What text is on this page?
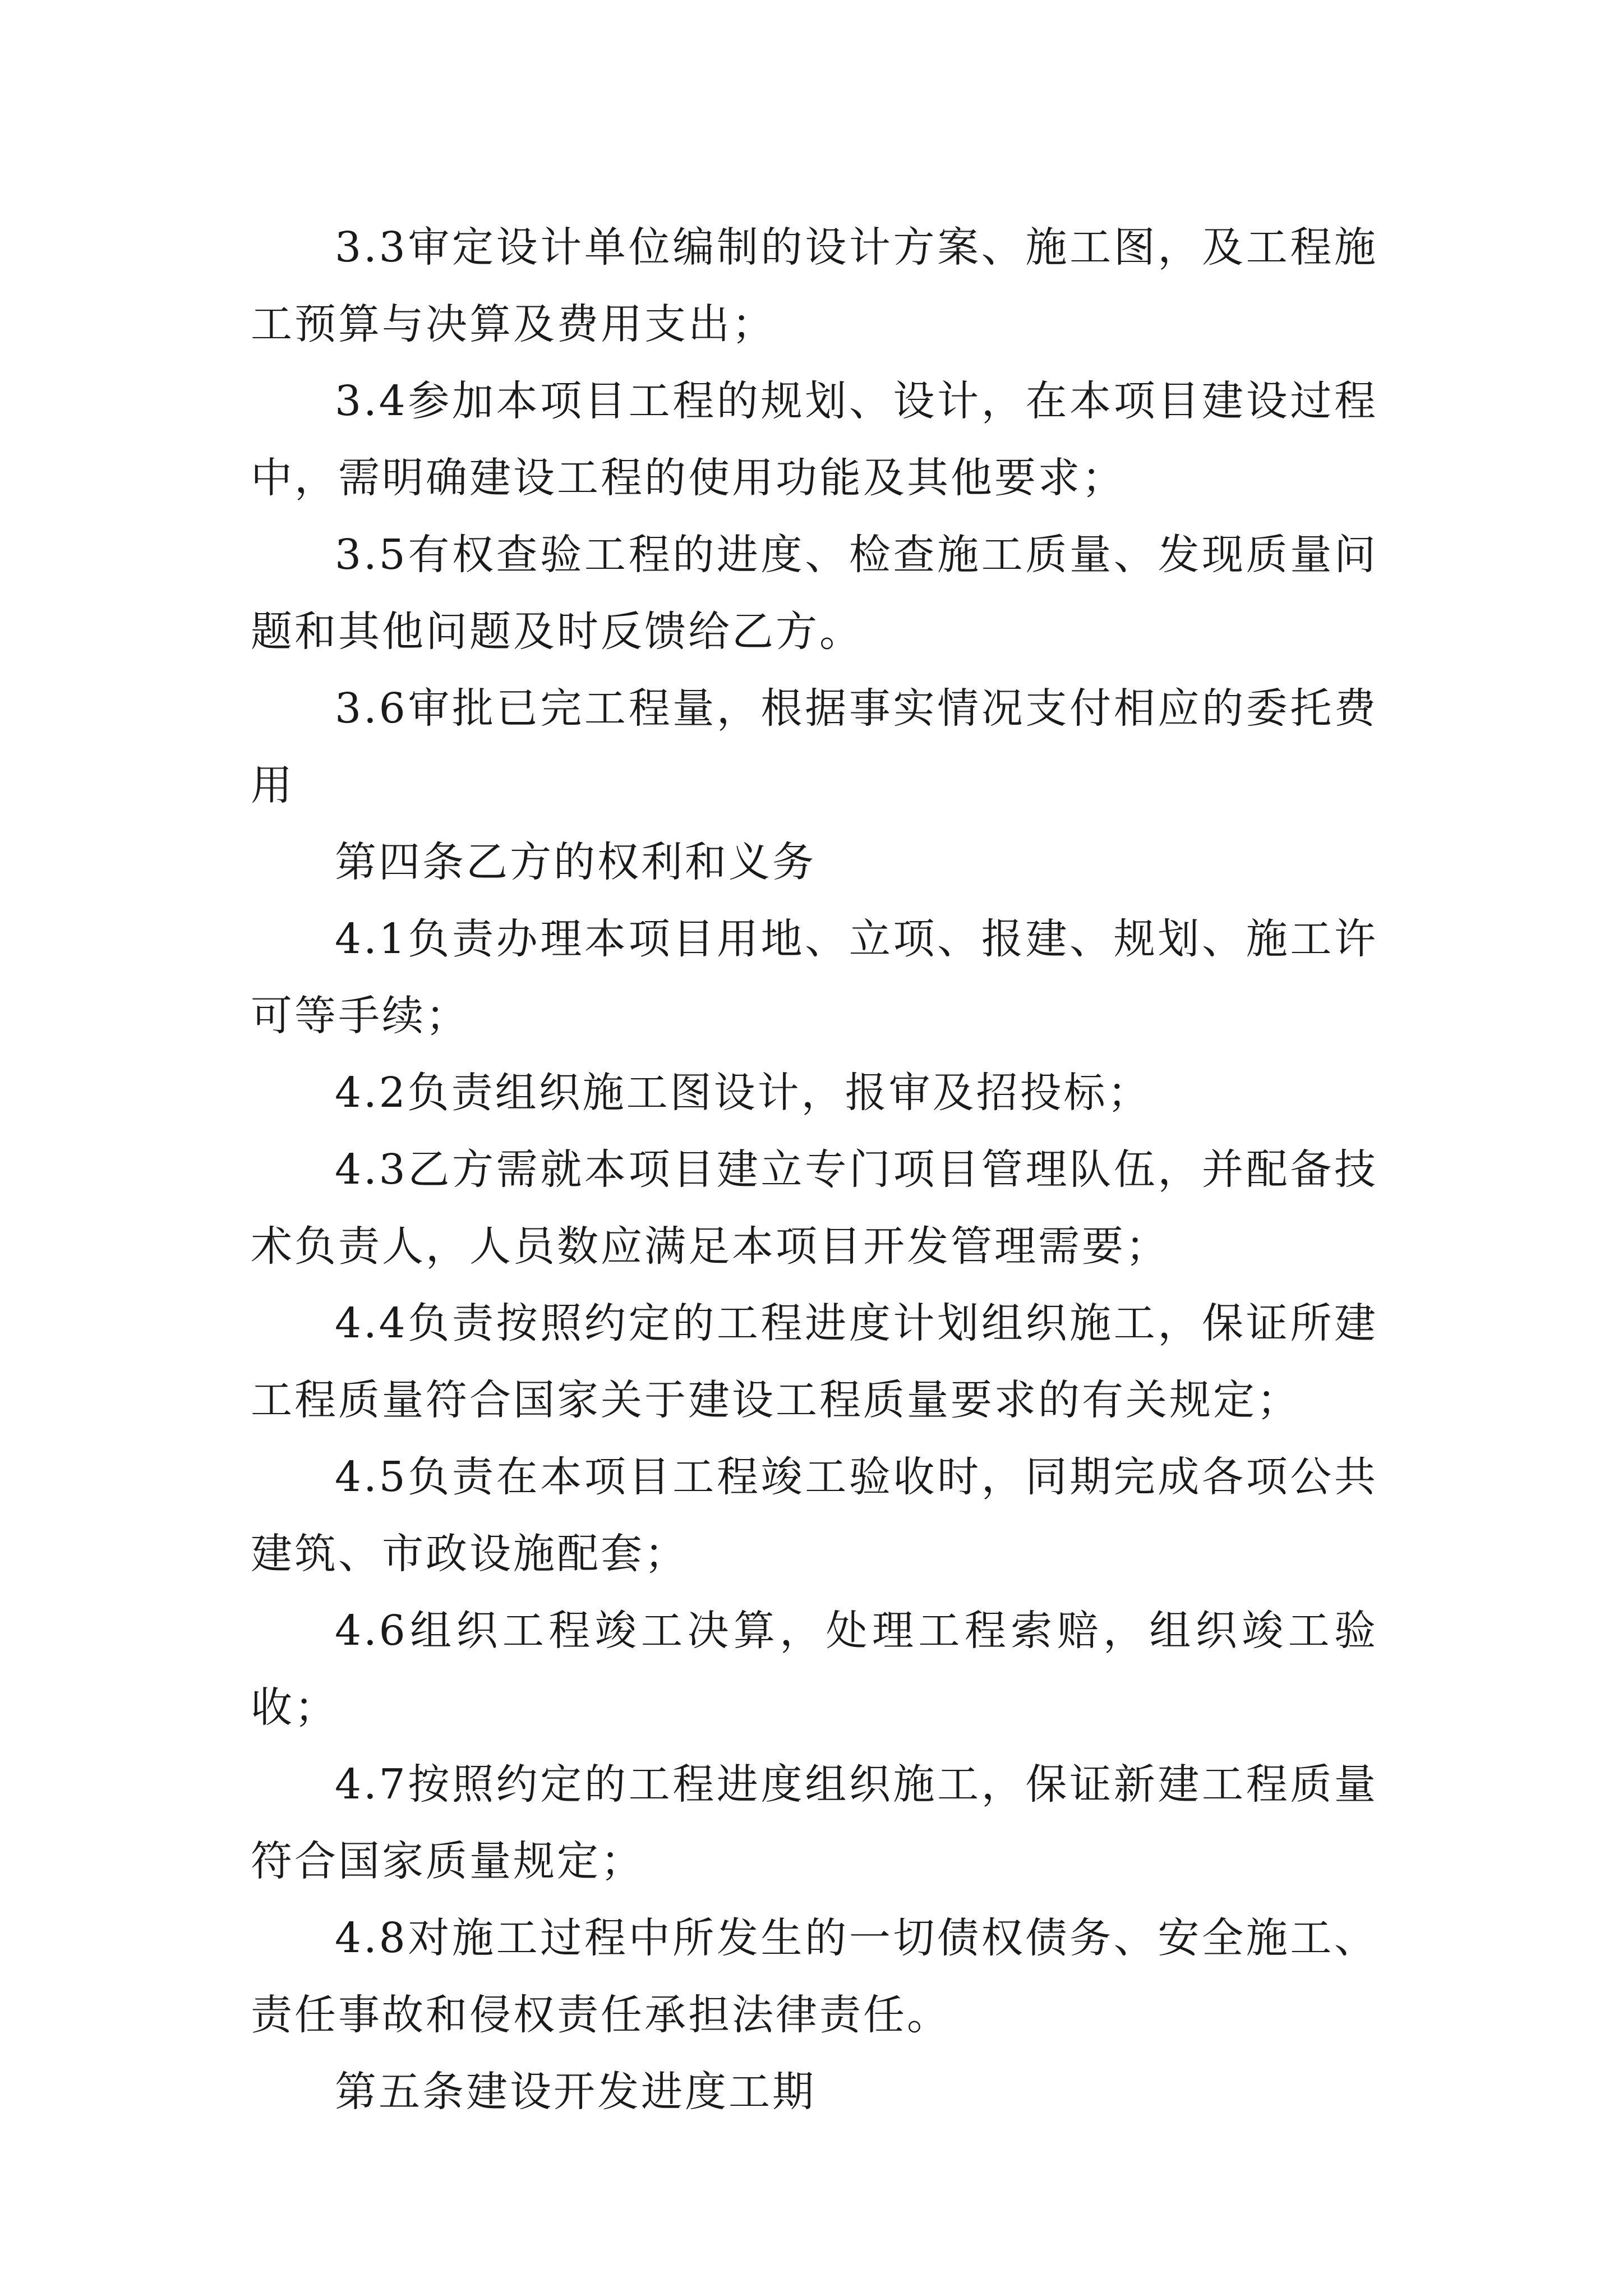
3.3审定设计单位编制的设计方案、施工图，及工程施工预算与决算及费用支出；

3.4参加本项目工程的规划、设计，在本项目建设过程中，需明确建设工程的使用功能及其他要求；

3.5有权查验工程的进度、检查施工质量、发现质量问题和其他问题及时反馈给乙方。

3.6审批已完工程量，根据事实情况支付相应的委托费用

第四条乙方的权利和义务

4.1负责办理本项目用地、立项、报建、规划、施工许可等手续；

4.2负责组织施工图设计，报审及招投标；

4.3乙方需就本项目建立专门项目管理队伍，并配备技术负责人，人员数应满足本项目开发管理需要；

4.4负责按照约定的工程进度计划组织施工，保证所建工程质量符合国家关于建设工程质量要求的有关规定；

4.5负责在本项目工程竣工验收时，同期完成各项公共建筑、市政设施配套；

4.6组织工程竣工决算，处理工程索赔，组织竣工验收；

4.7按照约定的工程进度组织施工，保证新建工程质量符合国家质量规定；

4.8对施工过程中所发生的一切债权债务、安全施工、责任事故和侵权责任承担法律责任。

第五条建设开发进度工期
